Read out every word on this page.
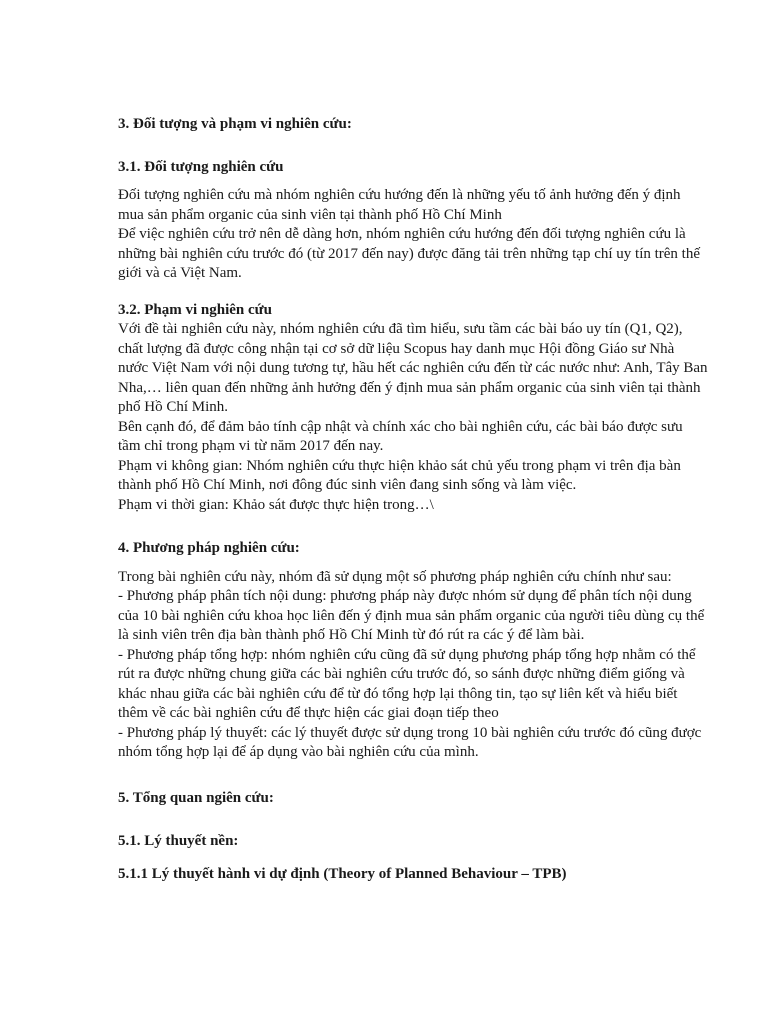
3. Đối tượng và phạm vi nghiên cứu:

3.1. Đối tượng nghiên cứu

Đối tượng nghiên cứu mà nhóm nghiên cứu hướng đến là những yếu tố ảnh hưởng đến ý định mua sản phẩm organic của sinh viên tại thành phố Hồ Chí Minh

Để việc nghiên cứu trở nên dễ dàng hơn, nhóm nghiên cứu hướng đến đối tượng nghiên cứu là những bài nghiên cứu trước đó (từ 2017 đến nay) được đăng tải trên những tạp chí uy tín trên thế giới và cả Việt Nam.

3.2. Phạm vi nghiên cứu

Với đề tài nghiên cứu này, nhóm nghiên cứu đã tìm hiểu, sưu tầm các bài báo uy tín (Q1, Q2), chất lượng đã được công nhận tại cơ sở dữ liệu Scopus hay danh mục Hội đồng Giáo sư Nhà nước Việt Nam với nội dung tương tự, hầu hết các nghiên cứu đến từ các nước như: Anh, Tây Ban Nha,… liên quan đến những ảnh hưởng đến ý định mua sản phẩm organic của sinh viên tại thành phố Hồ Chí Minh.

Bên cạnh đó, để đảm bảo tính cập nhật và chính xác cho bài nghiên cứu, các bài báo được sưu tầm chỉ trong phạm vi từ năm 2017 đến nay.

Phạm vi không gian: Nhóm nghiên cứu thực hiện khảo sát chủ yếu trong phạm vi trên địa bàn thành phố Hồ Chí Minh, nơi đông đúc sinh viên đang sinh sống và làm việc.

Phạm vi thời gian: Khảo sát được thực hiện trong…\

4. Phương pháp nghiên cứu:

Trong bài nghiên cứu này, nhóm đã sử dụng một số phương pháp nghiên cứu chính như sau:

- Phương pháp phân tích nội dung: phương pháp này được nhóm sử dụng để phân tích nội dung của 10 bài nghiên cứu khoa học liên đến ý định mua sản phẩm organic của người tiêu dùng cụ thể là sinh viên trên địa bàn thành phố Hồ Chí Minh từ đó rút ra các ý để làm bài.

- Phương pháp tổng hợp: nhóm nghiên cứu cũng đã sử dụng phương pháp tổng hợp nhằm có thể rút ra được những chung giữa các bài nghiên cứu trước đó, so sánh được những điểm giống và khác nhau giữa các bài nghiên cứu để từ đó tổng hợp lại thông tin, tạo sự liên kết và hiểu biết thêm về các bài nghiên cứu để thực hiện các giai đoạn tiếp theo

- Phương pháp lý thuyết: các lý thuyết được sử dụng trong 10 bài nghiên cứu trước đó cũng được nhóm tổng hợp lại để áp dụng vào bài nghiên cứu của mình.

5. Tổng quan ngiên cứu:

5.1. Lý thuyết nền:

5.1.1 Lý thuyết hành vi dự định (Theory of Planned Behaviour – TPB)
